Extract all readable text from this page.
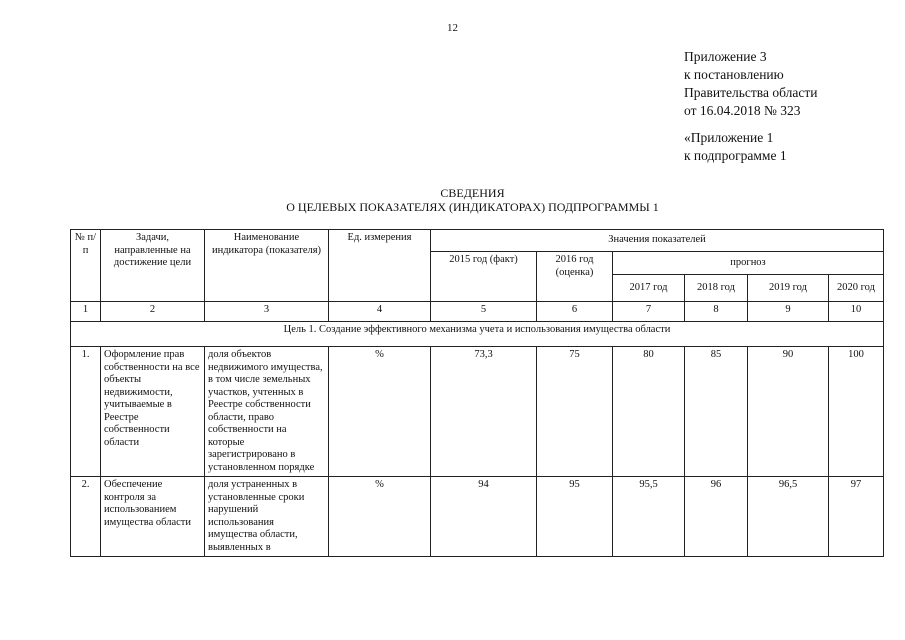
12
Приложение 3
к постановлению
Правительства области
от 16.04.2018 № 323
«Приложение 1
к подпрограмме 1
СВЕДЕНИЯ
О ЦЕЛЕВЫХ ПОКАЗАТЕЛЯХ (ИНДИКАТОРАХ) ПОДПРОГРАММЫ 1
№ п/п	Задачи, направленные на достижение цели	Наименование индикатора (показателя)	Ед. измерения	Значения показателей					
				2015 год (факт)	2016 год (оценка)	прогноз			
						2017 год	2018 год	2019 год	2020 год
1	2	3	4	5	6	7	8	9	10
Цель 1. Создание эффективного механизма учета и использования имущества области									
1.	Оформление прав собственности на все объекты недвижимости, учитываемые в Реестре собственности области	доля объектов недвижимого имущества, в том числе земельных участков, учтенных в Реестре собственности области, право собственности на которые зарегистрировано в установленном порядке	%	73,3	75	80	85	90	100
2.	Обеспечение контроля за использованием имущества области	доля устраненных в установленные сроки нарушений использования имущества области, выявленных в	%	94	95	95,5	96	96,5	97
